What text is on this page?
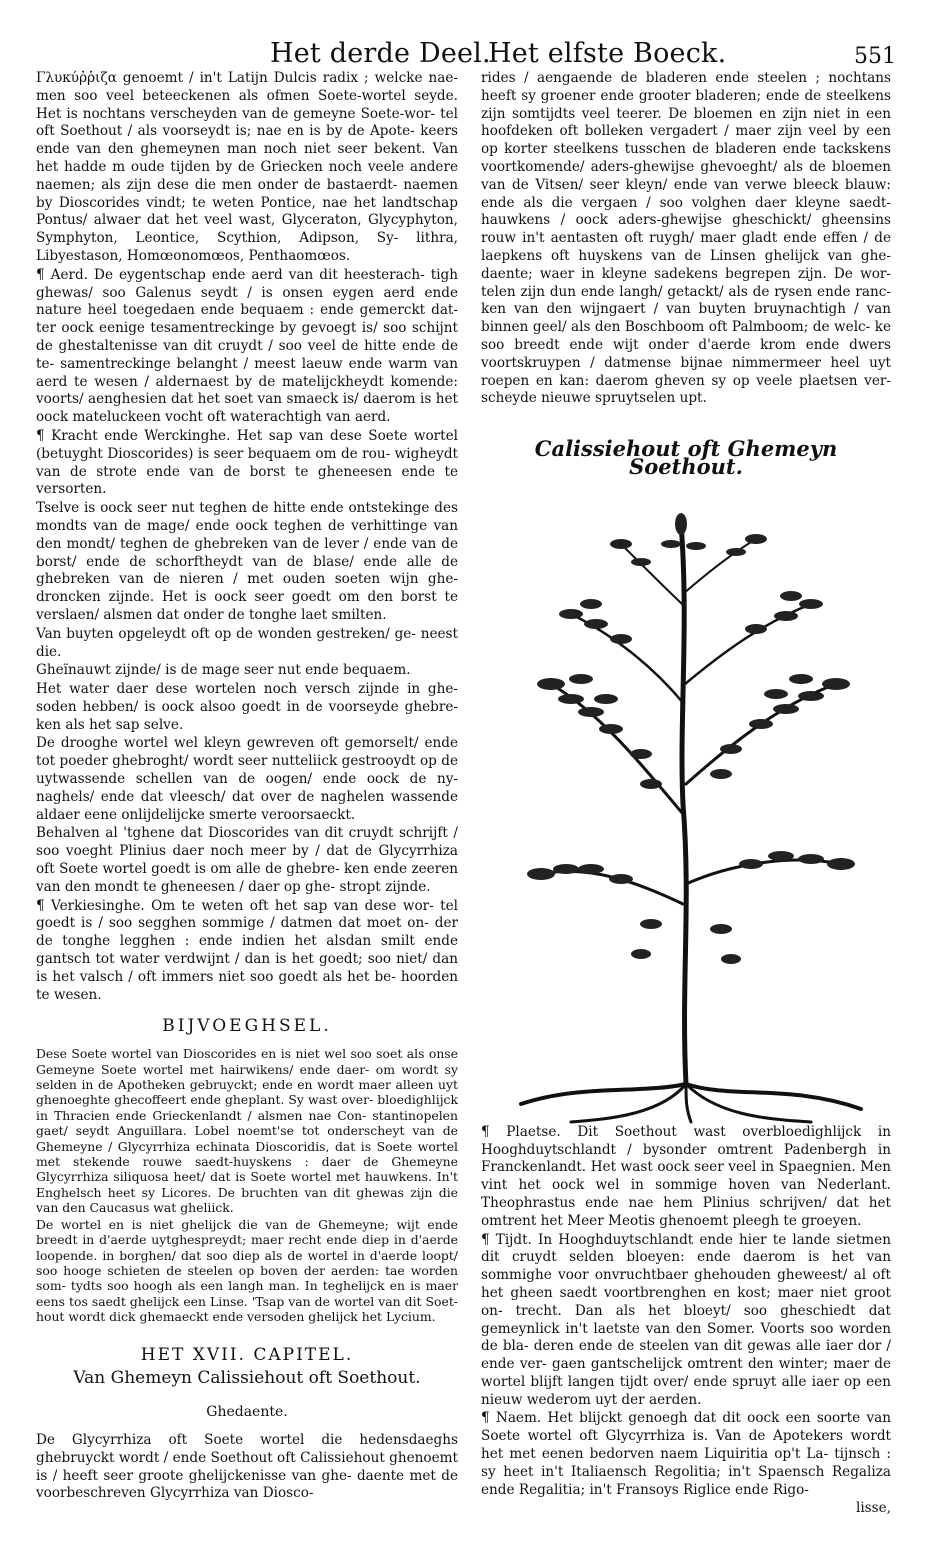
Het derde Deel.
Het elfste Boeck.	551

Γλυκύῤῥιζα genoemt / in't Latijn Dulcis radix ; welcke nae- men soo veel beteeckenen als ofmen Soete-wortel seyde. Het is nochtans verscheyden van de gemeyne Soete-wor- tel oft Soethout / als voorseydt is; nae en is by de Apote- keers ende van den ghemeynen man noch niet seer bekent. Van het hadde m oude tijden by de Griecken noch veele andere naemen; als zijn dese die men onder de bastaerdt- naemen by Dioscorides vindt; te weten Pontice, nae het landtschap Pontus/ alwaer dat het veel wast, Glyceraton, Glycyphyton, Symphyton, Leontice, Scythion, Adipson, Sy- lithra, Libyestason, Homœonomœos, Penthaomœos.

¶ Aerd. De eygentschap ende aerd van dit heesterach- tigh ghewas/ soo Galenus seydt / is onsen eygen aerd ende nature heel toegedaen ende bequaem : ende gemerckt dat- ter oock eenige tesamentreckinge by gevoegt is/ soo schijnt de ghestaltenisse van dit cruydt / soo veel de hitte ende de te- samentreckinge belanght / meest laeuw ende warm van aerd te wesen / aldernaest by de matelijckheydt komende: voorts/ aenghesien dat het soet van smaeck is/ daerom is het oock mateluckeen vocht oft waterachtigh van aerd.

¶ Kracht ende Werckinghe. Het sap van dese Soete wortel (betuyght Dioscorides) is seer bequaem om de rou- wigheydt van de strote ende van de borst te gheneesen ende te versorten.

Tselve is oock seer nut teghen de hitte ende ontstekinge des mondts van de mage/ ende oock teghen de verhittinge van den mondt/ teghen de ghebreken van de lever / ende van de borst/ ende de schorftheydt van de blase/ ende alle de ghebreken van de nieren / met ouden soeten wijn ghe- droncken zijnde. Het is oock seer goedt om den borst te verslaen/ alsmen dat onder de tonghe laet smilten.

Van buyten opgeleydt oft op de wonden gestreken/ ge- neest die.

Gheïnauwt zijnde/ is de mage seer nut ende bequaem.

Het water daer dese wortelen noch versch zijnde in ghe- soden hebben/ is oock alsoo goedt in de voorseyde ghebre- ken als het sap selve.

De drooghe wortel wel kleyn gewreven oft gemorselt/ ende tot poeder ghebroght/ wordt seer nutteliick gestrooydt op de uytwassende schellen van de oogen/ ende oock de ny- naghels/ ende dat vleesch/ dat over de naghelen wassende aldaer eene onlijdelijcke smerte veroorsaeckt.

Behalven al 'tghene dat Dioscorides van dit cruydt schrijft / soo voeght Plinius daer noch meer by / dat de Glycyrrhiza oft Soete wortel goedt is om alle de ghebre- ken ende zeeren van den mondt te gheneesen / daer op ghe- stropt zijnde.

¶ Verkiesinghe. Om te weten oft het sap van dese wor- tel goedt is / soo segghen sommige / datmen dat moet on- der de tonghe legghen : ende indien het alsdan smilt ende gantsch tot water verdwijnt / dan is het goedt; soo niet/ dan is het valsch / oft immers niet soo goedt als het be- hoorden te wesen.

BIJVOEGHSEL.

Dese Soete wortel van Dioscorides en is niet wel soo soet als onse Gemeyne Soete wortel met hairwikens/ ende daer- om wordt sy selden in de Apotheken gebruyckt; ende en wordt maer alleen uyt ghenoeghte ghecoffeert ende gheplant. Sy wast over- bloedighlijck in Thracien ende Grieckenlandt / alsmen nae Con- stantinopelen gaet/ seydt Anguillara. Lobel noemt'se tot onderscheyt van de Ghemeyne / Glycyrrhiza echinata Dioscoridis, dat is Soete wortel met stekende rouwe saedt-huyskens : daer de Ghemeyne Glycyrrhiza siliquosa heet/ dat is Soete wortel met hauwkens. In't Enghelsch heet sy Licores. De bruchten van dit ghewas zijn die van den Caucasus wat gheliick.

De wortel en is niet ghelijck die van de Ghemeyne; wijt ende breedt in d'aerde uytghespreydt; maer recht ende diep in d'aerde loopende. in borghen/ dat soo diep als de wortel in d'aerde loopt/ soo hooge schieten de steelen op boven der aerden: tae worden som- tydts soo hoogh als een langh man. In teghelijck en is maer eens tos saedt ghelijck een Linse. 'Tsap van de wortel van dit Soet- hout wordt dick ghemaeckt ende versoden ghelijck het Lycium.

HET XVII. CAPITEL.
Van Ghemeyn Calissiehout oft Soethout.
Ghedaente.

De Glycyrrhiza oft Soete wortel die hedensdaeghs ghebruyckt wordt / ende Soethout oft Calissiehout ghenoemt is / heeft seer groote ghelijckenisse van ghe- daente met de voorbeschreven Glycyrrhiza van Diosco-

rides / aengaende de bladeren ende steelen ; nochtans heeft sy groener ende grooter bladeren; ende de steelkens zijn somtijdts veel teerer. De bloemen en zijn niet in een hoofdeken oft bolleken vergadert / maer zijn veel by een op korter steelkens tusschen de bladeren ende tackskens voortkomende/ aders-ghewijse ghevoeght/ als de bloemen van de Vitsen/ seer kleyn/ ende van verwe bleeck blauw: ende als die vergaen / soo volghen daer kleyne saedt- hauwkens / oock aders-ghewijse gheschickt/ gheensins rouw in't aentasten oft ruygh/ maer gladt ende effen / de laepkens oft huyskens van de Linsen ghelijck van ghe- daente; waer in kleyne sadekens begrepen zijn. De wor- telen zijn dun ende langh/ getackt/ als de rysen ende ranc- ken van den wijngaert / van buyten bruynachtigh / van binnen geel/ als den Boschboom oft Palmboom; de welc- ke soo breedt ende wijt onder d'aerde krom ende dwers voortskruypen / datmense bijnae nimmermeer heel uyt roepen en kan: daerom gheven sy op veele plaetsen ver- scheyde nieuwe spruytselen upt.

Calissiehout oft Ghemeyn Soethout.

¶ Plaetse. Dit Soethout wast overbloedighlijck in Hooghduytschlandt / bysonder omtrent Padenbergh in Franckenlandt. Het wast oock seer veel in Spaegnien. Men vint het oock wel in sommige hoven van Nederlant. Theophrastus ende nae hem Plinius schrijven/ dat het omtrent het Meer Meotis ghenoemt pleegh te groeyen.

¶ Tijdt. In Hooghduytschlandt ende hier te lande sietmen dit cruydt selden bloeyen: ende daerom is het van sommighe voor onvruchtbaer ghehouden gheweest/ al oft het gheen saedt voortbrenghen en kost; maer niet groot on- trecht. Dan als het bloeyt/ soo gheschiedt dat gemeynlick in't laetste van den Somer. Voorts soo worden de bla- deren ende de steelen van dit gewas alle iaer dor / ende ver- gaen gantschelijck omtrent den winter; maer de wortel blijft langen tijdt over/ ende spruyt alle iaer op een nieuw wederom uyt der aerden.

¶ Naem. Het blijckt genoegh dat dit oock een soorte van Soete wortel oft Glycyrrhiza is. Van de Apotekers wordt het met eenen bedorven naem Liquiritia op't La- tijnsch : sy heet in't Italiaensch Regolitia; in't Spaensch Regaliza ende Regalitia; in't Fransoys Riglice ende Rigo-

lisse,
